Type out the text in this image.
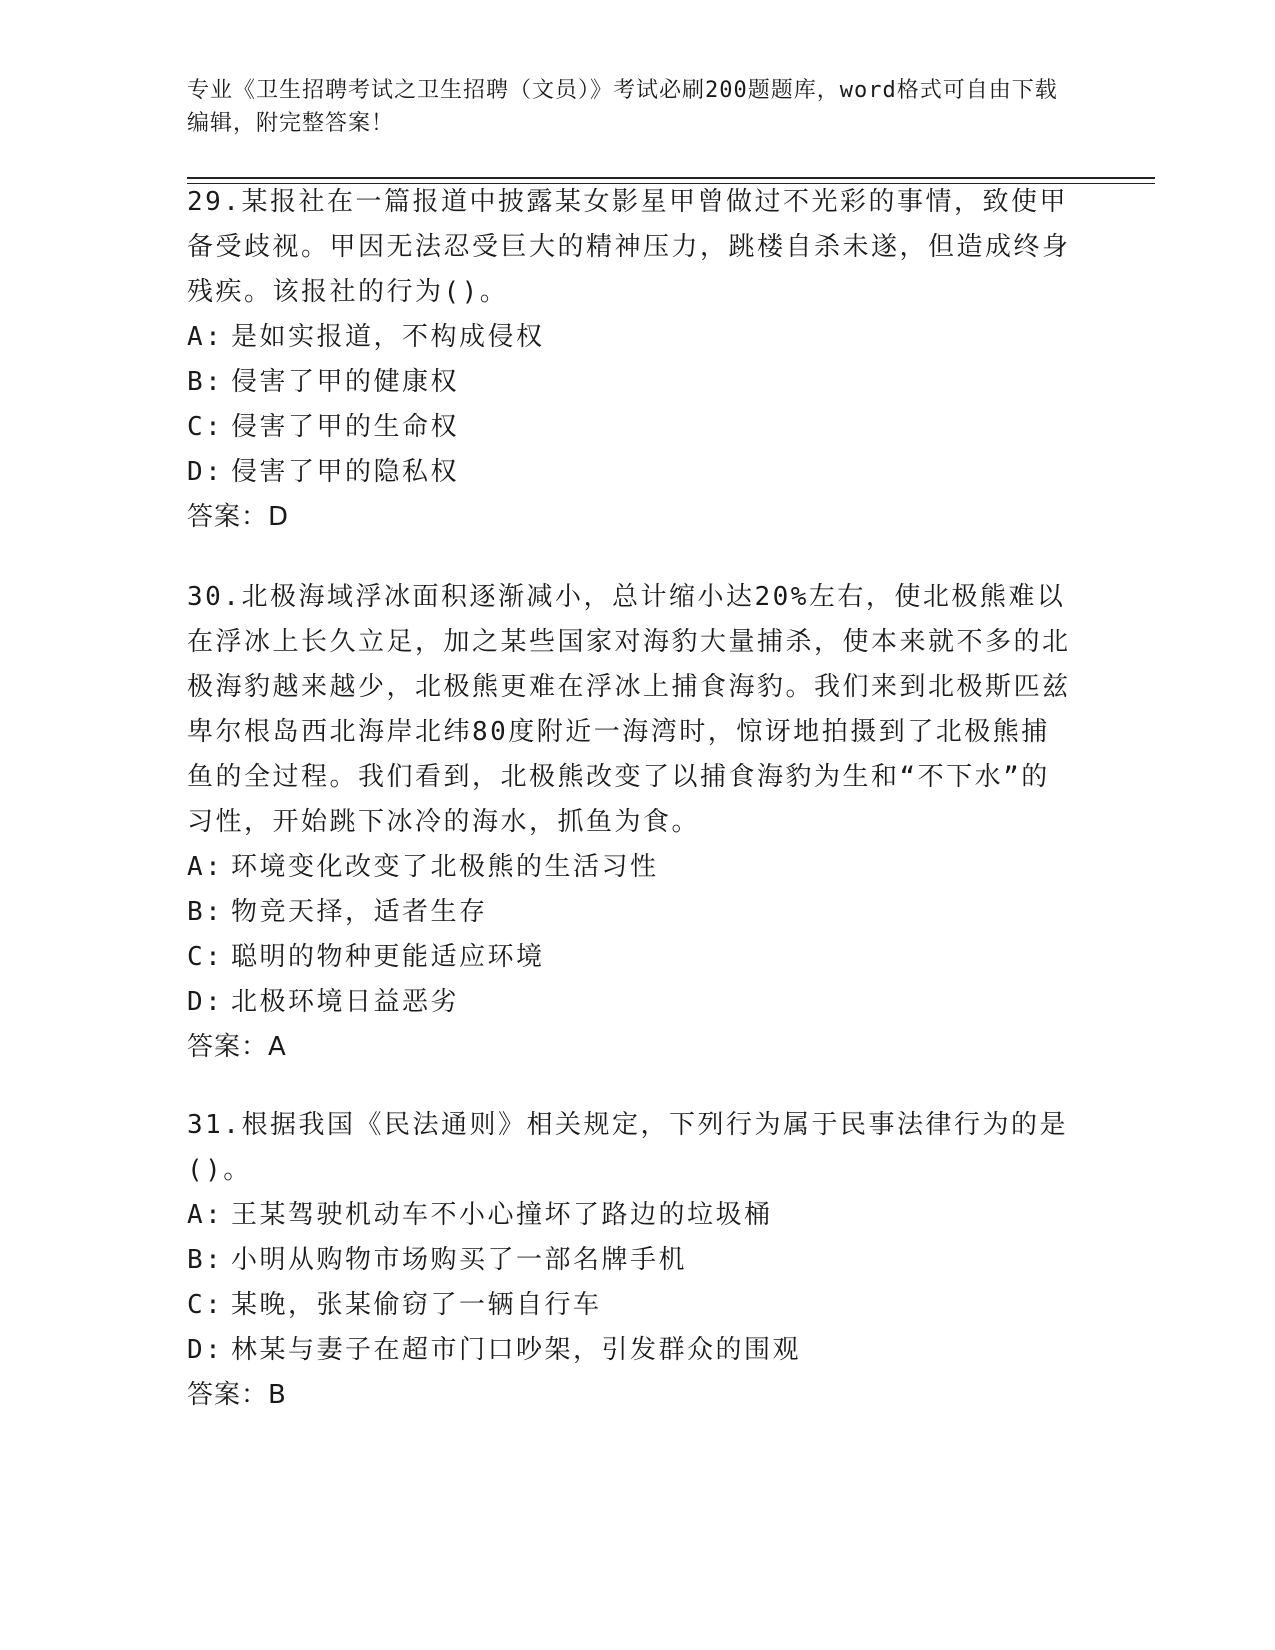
专业《卫生招聘考试之卫生招聘（文员）》考试必刷200题题库，word格式可自由下载编辑，附完整答案！

29.某报社在一篇报道中披露某女影星甲曾做过不光彩的事情，致使甲备受歧视。甲因无法忍受巨大的精神压力，跳楼自杀未遂，但造成终身残疾。该报社的行为()。

A: 是如实报道，不构成侵权

B: 侵害了甲的健康权

C: 侵害了甲的生命权

D: 侵害了甲的隐私权

答案：D

30.北极海域浮冰面积逐渐减小，总计缩小达20%左右，使北极熊难以在浮冰上长久立足，加之某些国家对海豹大量捕杀，使本来就不多的北极海豹越来越少，北极熊更难在浮冰上捕食海豹。我们来到北极斯匹兹卑尔根岛西北海岸北纬80度附近一海湾时，惊讶地拍摄到了北极熊捕鱼的全过程。我们看到，北极熊改变了以捕食海豹为生和“不下水”的习性，开始跳下冰冷的海水，抓鱼为食。

A: 环境变化改变了北极熊的生活习性

B: 物竞天择，适者生存

C: 聪明的物种更能适应环境

D: 北极环境日益恶劣

答案：A

31.根据我国《民法通则》相关规定，下列行为属于民事法律行为的是()。

A: 王某驾驶机动车不小心撞坏了路边的垃圾桶

B: 小明从购物市场购买了一部名牌手机

C: 某晚，张某偷窃了一辆自行车

D: 林某与妻子在超市门口吵架，引发群众的围观

答案：B
